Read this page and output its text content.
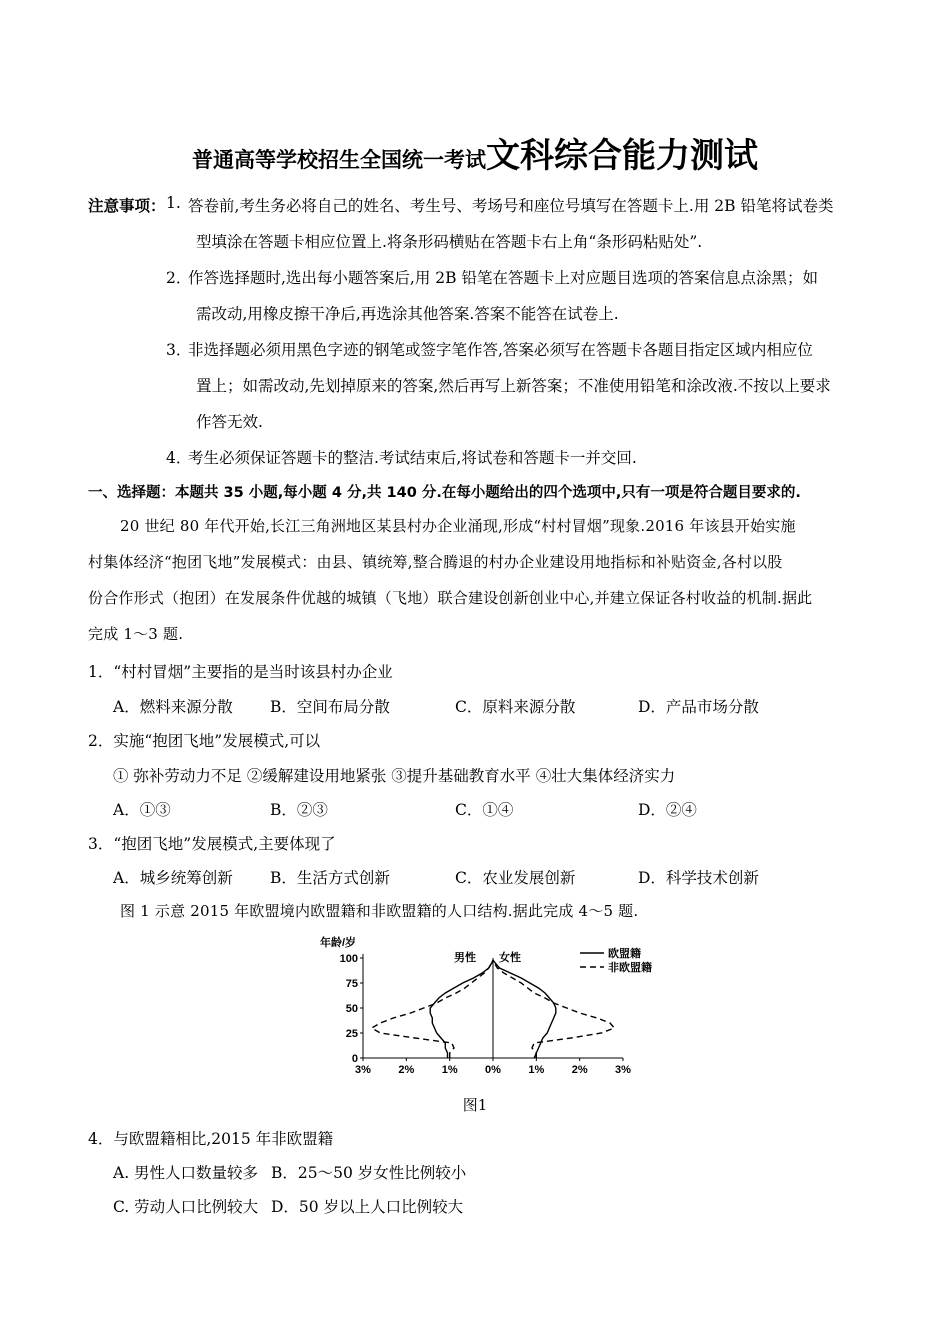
普通高等学校招生全国统一考试文科综合能力测试
注意事项： 1. 答卷前,考生务必将自己的姓名、考生号、考场号和座位号填写在答题卡上.用 2B 铅笔将试卷类
型填涂在答题卡相应位置上.将条形码横贴在答题卡右上角“条形码粘贴处”.
2．
作答选择题时,选出每小题答案后,用 2B 铅笔在答题卡上对应题目选项的答案信息点涂黑；如
需改动,用橡皮擦干净后,再选涂其他答案.答案不能答在试卷上.
3．
非选择题必须用黑色字迹的钢笔或签字笔作答,答案必须写在答题卡各题目指定区域内相应位
置上；如需改动,先划掉原来的答案,然后再写上新答案；不准使用铅笔和涂改液.不按以上要求
作答无效.
4．
考生必须保证答题卡的整洁.考试结束后,将试卷和答题卡一并交回.
一、选择题：本题共 35 小题,每小题 4 分,共 140 分.在每小题给出的四个选项中,只有一项是符合题目要求的.
20 世纪 80 年代开始,长江三角洲地区某县村办企业涌现,形成“村村冒烟”现象.2016 年该县开始实施
村集体经济“抱团飞地”发展模式：由县、镇统筹,整合腾退的村办企业建设用地指标和补贴资金,各村以股
份合作形式（抱团）在发展条件优越的城镇（飞地）联合建设创新创业中心,并建立保证各村收益的机制.据此
完成 1～3 题.
1．“村村冒烟”主要指的是当时该县村办企业
A．燃料来源分散 B．空间布局分散	C．原料来源分散	D．产品市场分散
2．实施“抱团飞地”发展模式,可以
① 弥补劳动力不足 ②缓解建设用地紧张 ③提升基础教育水平 ④壮大集体经济实力
A．①③	B．②③	C．①④	D．②④
3．“抱团飞地”发展模式,主要体现了
A．城乡统筹创新 B．生活方式创新	C．农业发展创新	D．科学技术创新
图 1 示意 2015 年欧盟境内欧盟籍和非欧盟籍的人口结构.据此完成 4～5 题.
年龄/岁
100
75
50
25
0
3% 2% 1% 0% 1% 2% 3%
男性 女性	欧盟籍
非欧盟籍
图1
4．与欧盟籍相比,2015 年非欧盟籍
A. 男性人口数量较多 B．25～50 岁女性比例较小
C. 劳动人口比例较大 D．50 岁以上人口比例较大
